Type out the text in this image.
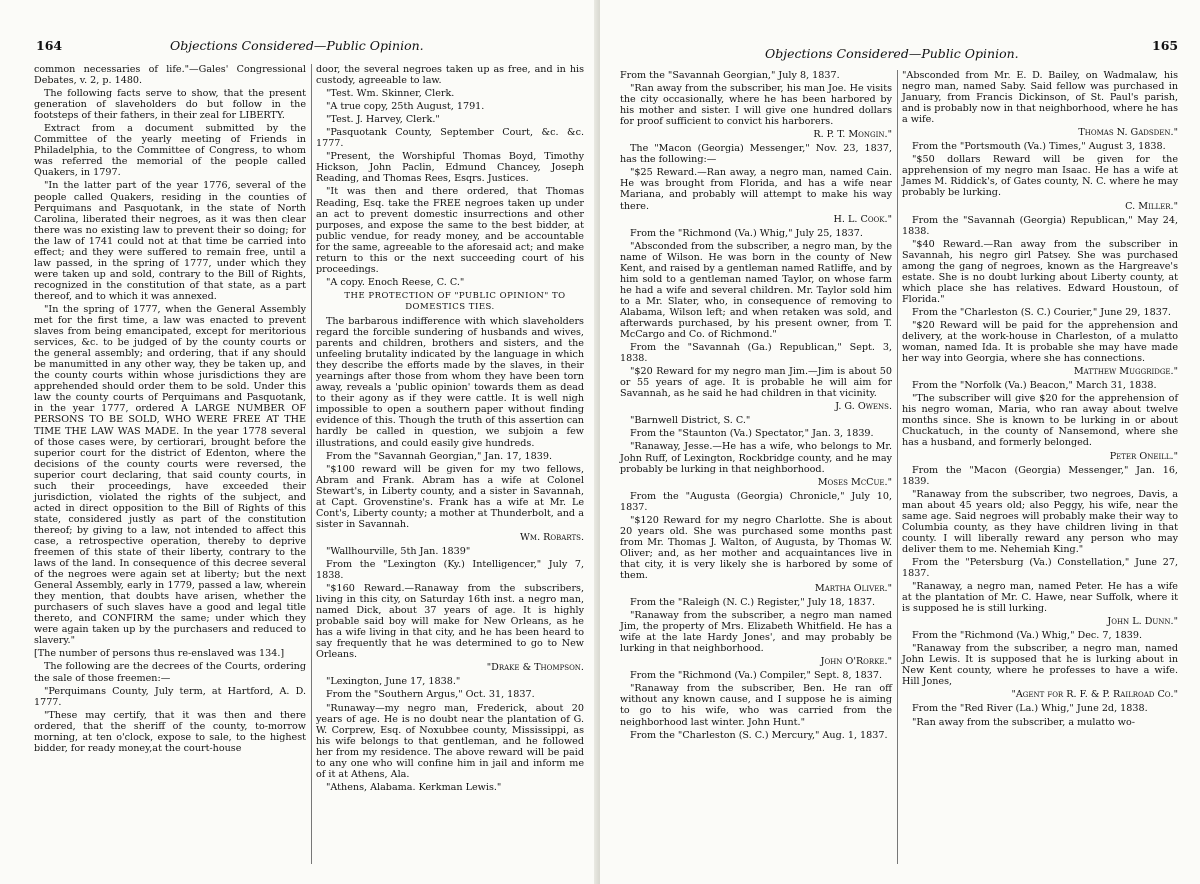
164	Objections Considered—Public Opinion.

common necessaries of life."—Gales' Congressional Debates, v. 2, p. 1480.

The following facts serve to show, that the present generation of slaveholders do but follow in the footsteps of their fathers, in their zeal for LIBERTY.

Extract from a document submitted by the Committee of the yearly meeting of Friends in Philadelphia, to the Committee of Congress, to whom was referred the memorial of the people called Quakers, in 1797.

"In the latter part of the year 1776, several of the people called Quakers, residing in the counties of Perquimans and Pasquotank, in the state of North Carolina, liberated their negroes, as it was then clear there was no existing law to prevent their so doing; for the law of 1741 could not at that time be carried into effect; and they were suffered to remain free, until a law passed, in the spring of 1777, under which they were taken up and sold, contrary to the Bill of Rights, recognized in the constitution of that state, as a part thereof, and to which it was annexed.

"In the spring of 1777, when the General Assembly met for the first time, a law was enacted to prevent slaves from being emancipated, except for meritorious services, &c. to be judged of by the county courts or the general assembly; and ordering, that if any should be manumitted in any other way, they be taken up, and the county courts within whose jurisdictions they are apprehended should order them to be sold. Under this law the county courts of Perquimans and Pasquotank, in the year 1777, ordered A LARGE NUMBER OF PERSONS TO BE SOLD, WHO WERE FREE AT THE TIME THE LAW WAS MADE. In the year 1778 several of those cases were, by certiorari, brought before the superior court for the district of Edenton, where the decisions of the county courts were reversed, the superior court declaring, that said county courts, in such their proceedings, have exceeded their jurisdiction, violated the rights of the subject, and acted in direct opposition to the Bill of Rights of this state, considered justly as part of the constitution thereof; by giving to a law, not intended to affect this case, a retrospective operation, thereby to deprive freemen of this state of their liberty, contrary to the laws of the land. In consequence of this decree several of the negroes were again set at liberty; but the next General Assembly, early in 1779, passed a law, wherein they mention, that doubts have arisen, whether the purchasers of such slaves have a good and legal title thereto, and CONFIRM the same; under which they were again taken up by the purchasers and reduced to slavery."

[The number of persons thus re-enslaved was 134.]

The following are the decrees of the Courts, ordering the sale of those freemen:—

"Perquimans County, July term, at Hartford, A. D. 1777.

"These may certify, that it was then and there ordered, that the sheriff of the county, to-morrow morning, at ten o'clock, expose to sale, to the highest bidder, for ready money,at the court-house

door, the several negroes taken up as free, and in his custody, agreeable to law.

"Test. Wm. Skinner, Clerk.

"A true copy, 25th August, 1791.

"Test. J. Harvey, Clerk."

"Pasquotank County, September Court, &c. &c. 1777.

"Present, the Worshipful Thomas Boyd, Timothy Hickson, John Paclin, Edmund Chancey, Joseph Reading, and Thomas Rees, Esqrs. Justices.

"It was then and there ordered, that Thomas Reading, Esq. take the FREE negroes taken up under an act to prevent domestic insurrections and other purposes, and expose the same to the best bidder, at public vendue, for ready money, and be accountable for the same, agreeable to the aforesaid act; and make return to this or the next succeeding court of his proceedings.

"A copy. Enoch Reese, C. C."

THE PROTECTION OF "PUBLIC OPINION" TO DOMESTICS TIES.

The barbarous indifference with which slaveholders regard the forcible sundering of husbands and wives, parents and children, brothers and sisters, and the unfeeling brutality indicated by the language in which they describe the efforts made by the slaves, in their yearnings after those from whom they have been torn away, reveals a 'public opinion' towards them as dead to their agony as if they were cattle. It is well nigh impossible to open a southern paper without finding evidence of this. Though the truth of this assertion can hardly be called in question, we subjoin a few illustrations, and could easily give hundreds.

From the "Savannah Georgian," Jan. 17, 1839.

"$100 reward will be given for my two fellows, Abram and Frank. Abram has a wife at Colonel Stewart's, in Liberty county, and a sister in Savannah, at Capt. Grovenstine's. Frank has a wife at Mr. Le Cont's, Liberty county; a mother at Thunderbolt, and a sister in Savannah.

Wm. Robarts.

"Wallhourville, 5th Jan. 1839"

From the "Lexington (Ky.) Intelligencer," July 7, 1838.

"$160 Reward.—Ranaway from the subscribers, living in this city, on Saturday 16th inst. a negro man, named Dick, about 37 years of age. It is highly probable said boy will make for New Orleans, as he has a wife living in that city, and he has been heard to say frequently that he was determined to go to New Orleans.

"Drake & Thompson.

"Lexington, June 17, 1838."

From the "Southern Argus," Oct. 31, 1837.

"Runaway—my negro man, Frederick, about 20 years of age. He is no doubt near the plantation of G. W. Corprew, Esq. of Noxubbee county, Mississippi, as his wife belongs to that gentleman, and he followed her from my residence. The above reward will be paid to any one who will confine him in jail and inform me of it at Athens, Ala.

"Athens, Alabama. Kerkman Lewis."

Objections Considered—Public Opinion.
165

From the "Savannah Georgian," July 8, 1837.

"Ran away from the subscriber, his man Joe. He visits the city occasionally, where he has been harbored by his mother and sister. I will give one hundred dollars for proof sufficient to convict his harborers.

R. P. T. Mongin."

The "Macon (Georgia) Messenger," Nov. 23, 1837, has the following:—

"$25 Reward.—Ran away, a negro man, named Cain. He was brought from Florida, and has a wife near Mariana, and probably will attempt to make his way there.

H. L. Cook."

From the "Richmond (Va.) Whig," July 25, 1837.

"Absconded from the subscriber, a negro man, by the name of Wilson. He was born in the county of New Kent, and raised by a gentleman named Ratliffe, and by him sold to a gentleman named Taylor, on whose farm he had a wife and several children. Mr. Taylor sold him to a Mr. Slater, who, in consequence of removing to Alabama, Wilson left; and when retaken was sold, and afterwards purchased, by his present owner, from T. McCargo and Co. of Richmond."

From the "Savannah (Ga.) Republican," Sept. 3, 1838.

"$20 Reward for my negro man Jim.—Jim is about 50 or 55 years of age. It is probable he will aim for Savannah, as he said he had children in that vicinity.

J. G. Owens.

"Barnwell District, S. C."

From the "Staunton (Va.) Spectator," Jan. 3, 1839.

"Ranaway, Jesse.—He has a wife, who belongs to Mr. John Ruff, of Lexington, Rockbridge county, and he may probably be lurking in that neighborhood.

Moses McCue."

From the "Augusta (Georgia) Chronicle," July 10, 1837.

"$120 Reward for my negro Charlotte. She is about 20 years old. She was purchased some months past from Mr. Thomas J. Walton, of Augusta, by Thomas W. Oliver; and, as her mother and acquaintances live in that city, it is very likely she is harbored by some of them.

Martha Oliver."

From the "Raleigh (N. C.) Register," July 18, 1837.

"Ranaway from the subscriber, a negro man named Jim, the property of Mrs. Elizabeth Whitfield. He has a wife at the late Hardy Jones', and may probably be lurking in that neighborhood.

John O'Rorke."

From the "Richmond (Va.) Compiler," Sept. 8, 1837.

"Ranaway from the subscriber, Ben. He ran off without any known cause, and I suppose he is aiming to go to his wife, who was carried from the neighborhood last winter. John Hunt."

From the "Charleston (S. C.) Mercury," Aug. 1, 1837.

"Absconded from Mr. E. D. Bailey, on Wadmalaw, his negro man, named Saby. Said fellow was purchased in January, from Francis Dickinson, of St. Paul's parish, and is probably now in that neighborhood, where he has a wife.

Thomas N. Gadsden."

From the "Portsmouth (Va.) Times," August 3, 1838.

"$50 dollars Reward will be given for the apprehension of my negro man Isaac. He has a wife at James M. Riddick's, of Gates county, N. C. where he may probably be lurking.

C. Miller."

From the "Savannah (Georgia) Republican," May 24, 1838.

"$40 Reward.—Ran away from the subscriber in Savannah, his negro girl Patsey. She was purchased among the gang of negroes, known as the Hargreave's estate. She is no doubt lurking about Liberty county, at which place she has relatives. Edward Houstoun, of Florida."

From the "Charleston (S. C.) Courier," June 29, 1837.

"$20 Reward will be paid for the apprehension and delivery, at the work-house in Charleston, of a mulatto woman, named Ida. It is probable she may have made her way into Georgia, where she has connections.

Matthew Muggridge."

From the "Norfolk (Va.) Beacon," March 31, 1838.

"The subscriber will give $20 for the apprehension of his negro woman, Maria, who ran away about twelve months since. She is known to be lurking in or about Chuckatuch, in the county of Nansemond, where she has a husband, and formerly belonged.

Peter Oneill."

From the "Macon (Georgia) Messenger," Jan. 16, 1839.

"Ranaway from the subscriber, two negroes, Davis, a man about 45 years old; also Peggy, his wife, near the same age. Said negroes will probably make their way to Columbia county, as they have children living in that county. I will liberally reward any person who may deliver them to me. Nehemiah King."

From the "Petersburg (Va.) Constellation," June 27, 1837.

"Ranaway, a negro man, named Peter. He has a wife at the plantation of Mr. C. Hawe, near Suffolk, where it is supposed he is still lurking.

John L. Dunn."

From the "Richmond (Va.) Whig," Dec. 7, 1839.

"Ranaway from the subscriber, a negro man, named John Lewis. It is supposed that he is lurking about in New Kent county, where he professes to have a wife. Hill Jones,

"Agent for R. F. & P. Railroad Co."

From the "Red River (La.) Whig," June 2d, 1838.

"Ran away from the subscriber, a mulatto wo-
